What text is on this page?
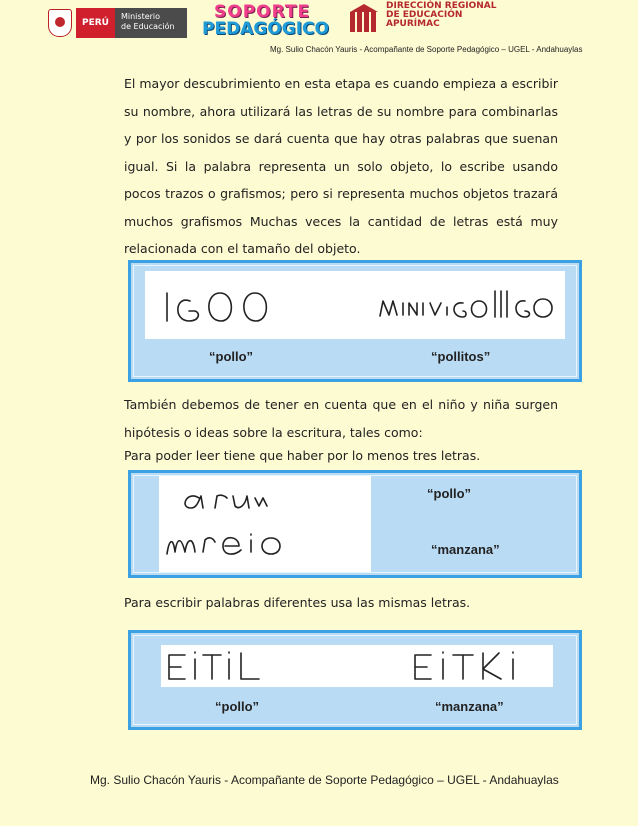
PERÚ
Ministerio
de Educación
SOPORTE
PEDAGÓGICO
DIRECCIÓN REGIONAL
DE EDUCACIÓN
APURÍMAC
Mg. Sulio Chacón Yauris - Acompañante de Soporte Pedagógico – UGEL - Andahuaylas
El mayor descubrimiento en esta etapa es cuando empieza a escribir su nombre, ahora utilizará las letras de su nombre para combinarlas y por los sonidos se dará cuenta que hay otras palabras que suenan igual. Si la palabra representa un solo objeto, lo escribe usando pocos trazos o grafismos; pero si representa muchos objetos trazará muchos grafismos Muchas veces la cantidad de letras está muy relacionada con el tamaño del objeto.
“pollo”	“pollitos”
También debemos de tener en cuenta que en el niño y niña surgen hipótesis o ideas sobre la escritura, tales como:
Para poder leer tiene que haber por lo menos tres letras.
“pollo”
“manzana”
Para escribir palabras diferentes usa las mismas letras.
“pollo”	“manzana”
Mg. Sulio Chacón Yauris - Acompañante de Soporte Pedagógico – UGEL - Andahuaylas
